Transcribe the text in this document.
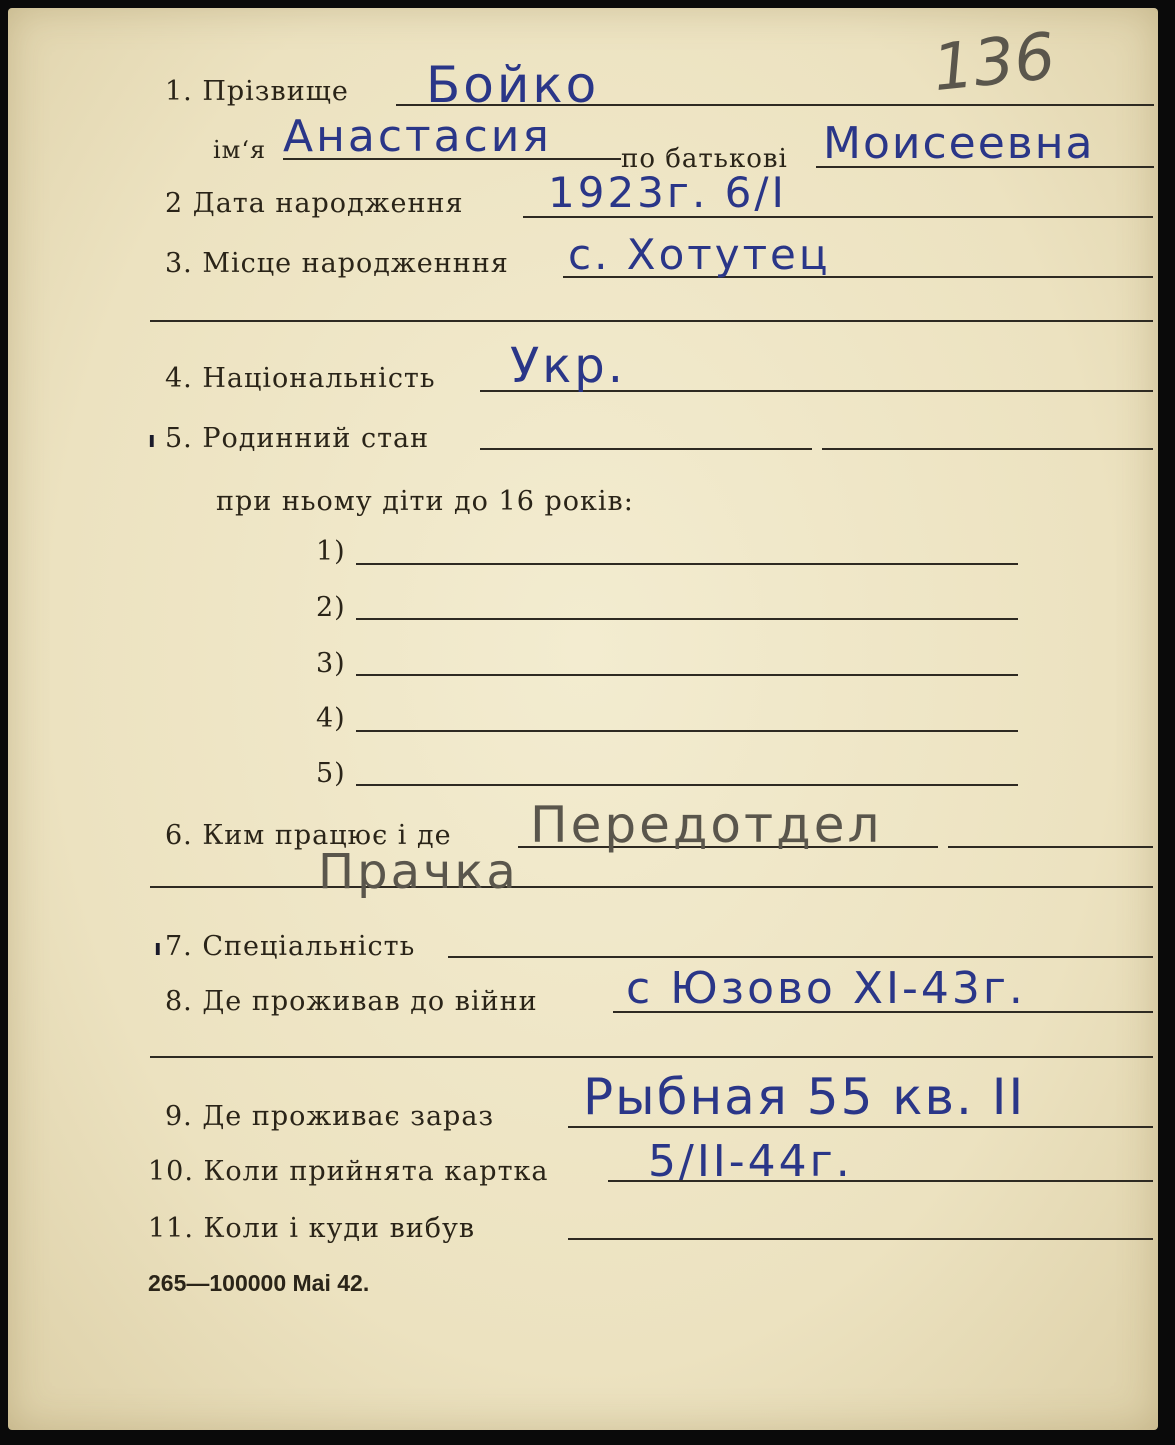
136
1. Прізвище Бойко
ім‘я Анастасия	по батькові Моисеевна
2 Дата народження 1923г. 6/I
3. Місце народженння с. Хотутец
4. Національність Укр.
ı 5. Родинний стан
при ньому діти до 16 років:
1)
2)
3)
4)
5)
6. Ким працює і де Передотдел
Прачка
ı 7. Спеціальність
8. Де проживав до війни с Юзово XI-43г.
9. Де проживає зараз Рыбная 55 кв. II
10. Коли прийнята картка 5/II-44г.
11. Коли і куди вибув
265—100000 Mai 42.
